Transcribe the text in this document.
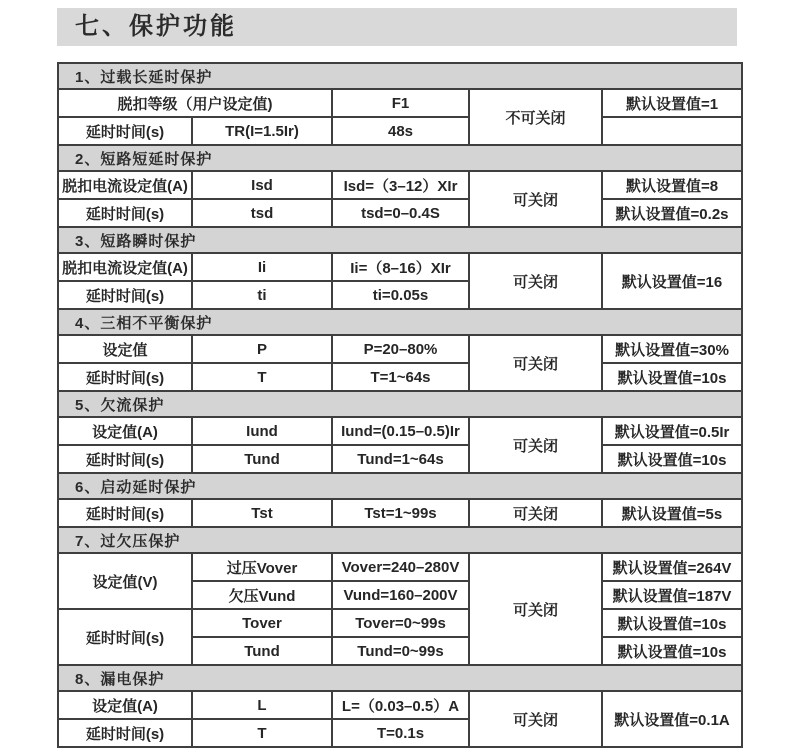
七、保护功能
1、过载长延时保护				
脱扣等级（用户设定值)		F1	不可关闭	默认设置值=1
延时时间(s)	TR(I=1.5Ir)	48s		
2、短路短延时保护				
脱扣电流设定值(A)	Isd	Isd=（3–12）XIr	可关闭	默认设置值=8
延时时间(s)	tsd	tsd=0–0.4S		默认设置值=0.2s
3、短路瞬时保护				
脱扣电流设定值(A)	Ii	Ii=（8–16）XIr	可关闭	默认设置值=16
延时时间(s)	ti	ti=0.05s		
4、三相不平衡保护				
设定值	P	P=20–80%	可关闭	默认设置值=30%
延时时间(s)	T	T=1~64s		默认设置值=10s
5、欠流保护				
设定值(A)	Iund	Iund=(0.15–0.5)Ir	可关闭	默认设置值=0.5Ir
延时时间(s)	Tund	Tund=1~64s		默认设置值=10s
6、启动延时保护				
延时时间(s)	Tst	Tst=1~99s	可关闭	默认设置值=5s
7、过欠压保护				
设定值(V)	过压Vover	Vover=240–280V	可关闭	默认设置值=264V
	欠压Vund	Vund=160–200V		默认设置值=187V
延时时间(s)	Tover	Tover=0~99s		默认设置值=10s
	Tund	Tund=0~99s		默认设置值=10s
8、漏电保护				
设定值(A)	L	L=（0.03–0.5）A	可关闭	默认设置值=0.1A
延时时间(s)	T	T=0.1s		
